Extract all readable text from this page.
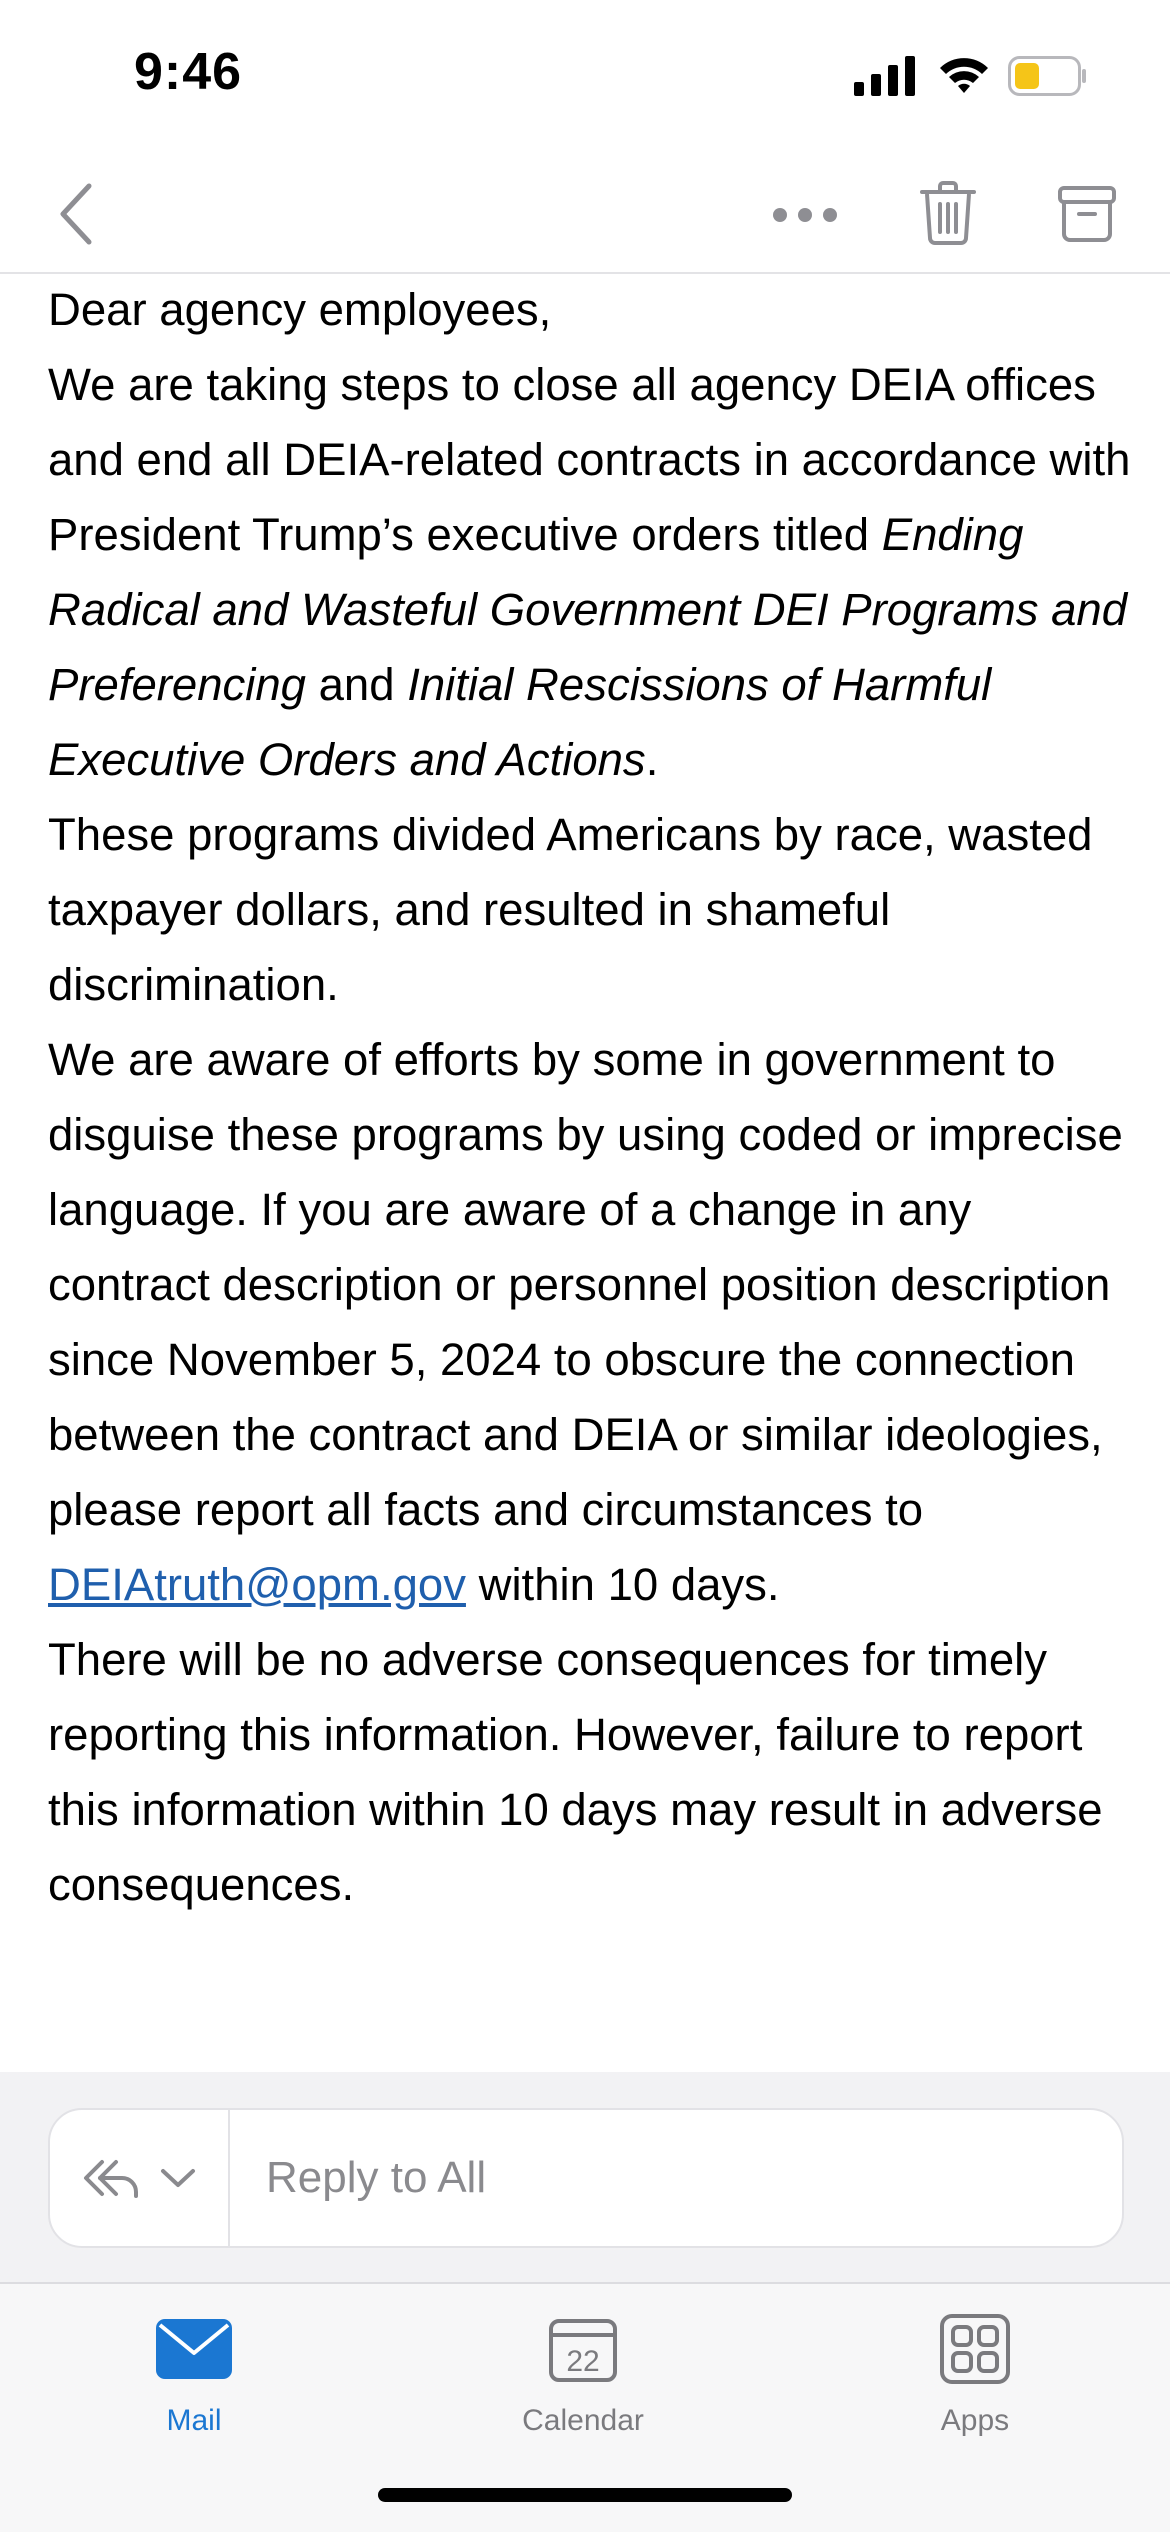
9:46

Dear agency employees,

We are taking steps to close all agency DEIA offices and end all DEIA-related contracts in accordance with President Trump’s executive orders titled Ending Radical and Wasteful Government DEI Programs and Preferencing and Initial Rescissions of Harmful Executive Orders and Actions.

These programs divided Americans by race, wasted taxpayer dollars, and resulted in shameful discrimination.

We are aware of efforts by some in government to disguise these programs by using coded or imprecise language. If you are aware of a change in any contract description or personnel position description since November 5, 2024 to obscure the connection between the contract and DEIA or similar ideologies, please report all facts and circumstances to DEIAtruth@opm.gov within 10 days.

There will be no adverse consequences for timely reporting this information. However, failure to report this information within 10 days may result in adverse consequences.

Reply to All
Mail
22
Calendar	Apps
